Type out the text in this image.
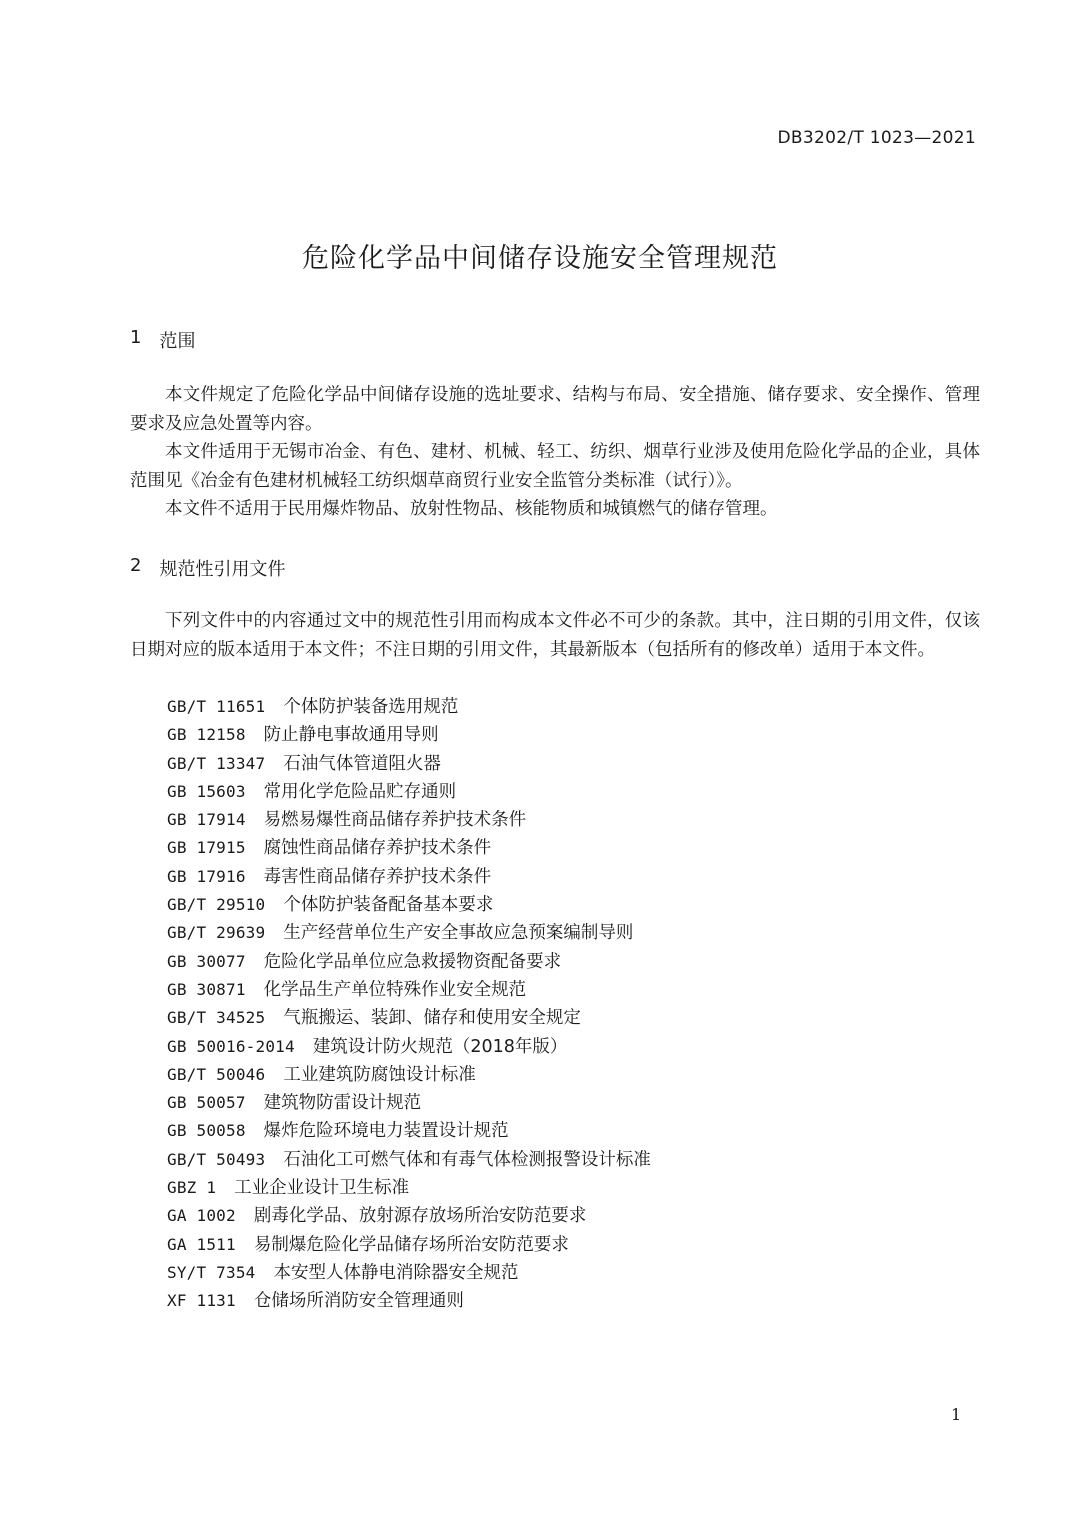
DB3202/T 1023—2021
危险化学品中间储存设施安全管理规范
1 范围

本文件规定了危险化学品中间储存设施的选址要求、结构与布局、安全措施、储存要求、安全操作、管理要求及应急处置等内容。

本文件适用于无锡市冶金、有色、建材、机械、轻工、纺织、烟草行业涉及使用危险化学品的企业，具体范围见《冶金有色建材机械轻工纺织烟草商贸行业安全监管分类标准（试行）》。

本文件不适用于民用爆炸物品、放射性物品、核能物质和城镇燃气的储存管理。

2 规范性引用文件

下列文件中的内容通过文中的规范性引用而构成本文件必不可少的条款。其中，注日期的引用文件，仅该日期对应的版本适用于本文件；不注日期的引用文件，其最新版本（包括所有的修改单）适用于本文件。

GB/T 11651 个体防护装备选用规范
GB 12158 防止静电事故通用导则
GB/T 13347 石油气体管道阻火器
GB 15603 常用化学危险品贮存通则
GB 17914 易燃易爆性商品储存养护技术条件
GB 17915 腐蚀性商品储存养护技术条件
GB 17916 毒害性商品储存养护技术条件
GB/T 29510 个体防护装备配备基本要求
GB/T 29639 生产经营单位生产安全事故应急预案编制导则
GB 30077 危险化学品单位应急救援物资配备要求
GB 30871 化学品生产单位特殊作业安全规范
GB/T 34525 气瓶搬运、装卸、储存和使用安全规定
GB 50016-2014 建筑设计防火规范（2018年版）
GB/T 50046 工业建筑防腐蚀设计标准
GB 50057 建筑物防雷设计规范
GB 50058 爆炸危险环境电力装置设计规范
GB/T 50493 石油化工可燃气体和有毒气体检测报警设计标准
GBZ 1 工业企业设计卫生标准
GA 1002 剧毒化学品、放射源存放场所治安防范要求
GA 1511 易制爆危险化学品储存场所治安防范要求
SY/T 7354 本安型人体静电消除器安全规范
XF 1131 仓储场所消防安全管理通则
1
